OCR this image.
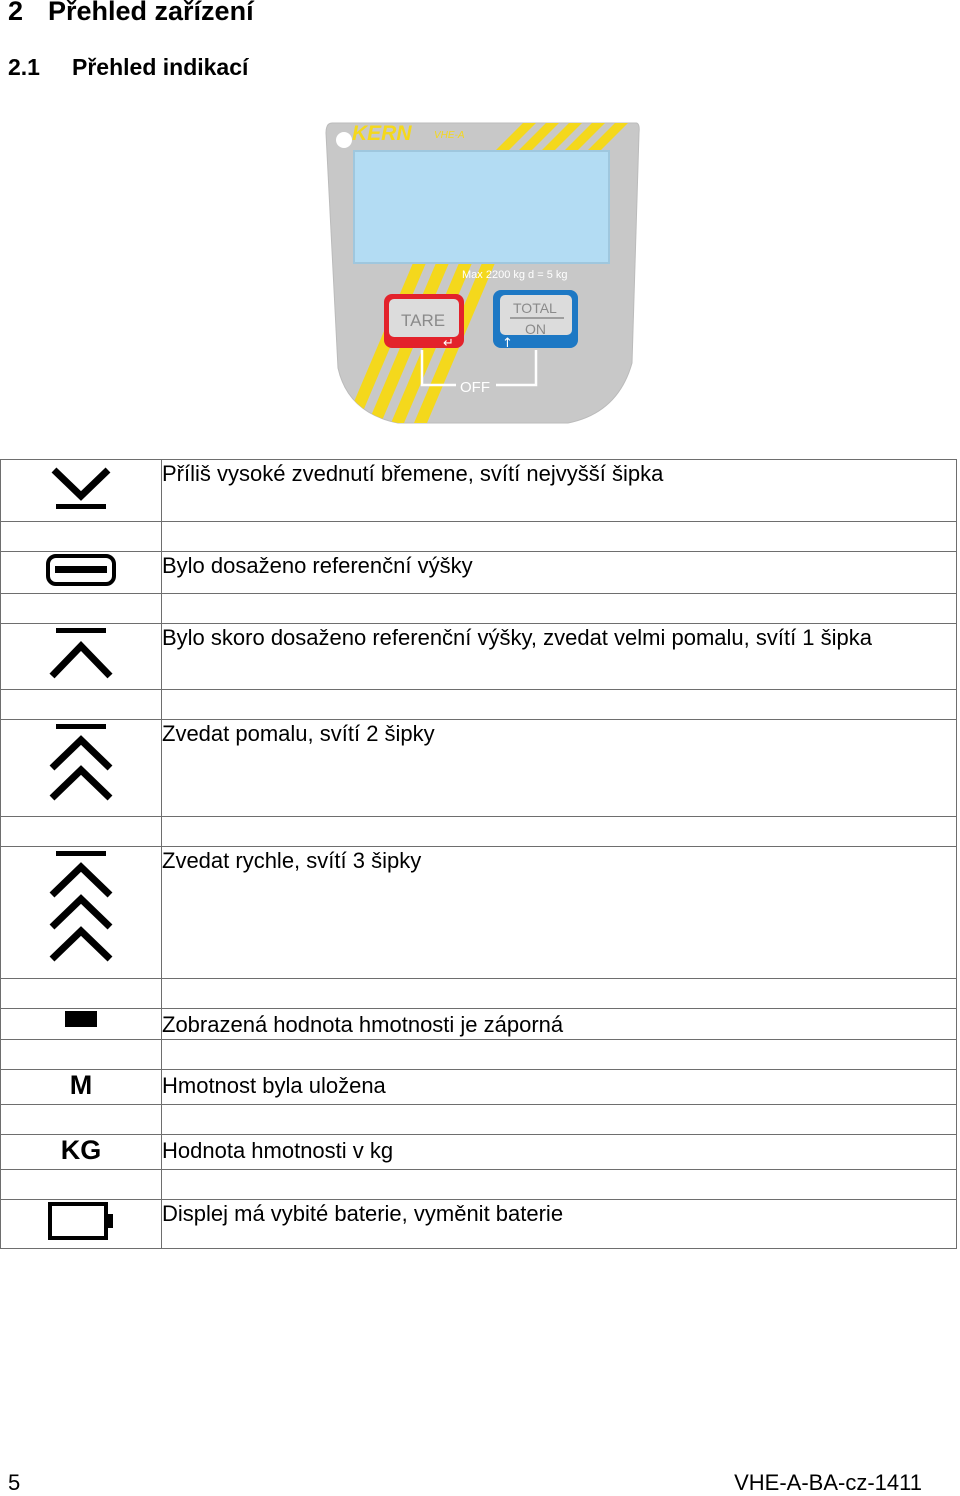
2 Přehled zařízení
2.1 Přehled indikací
KERN VHE-A
Max 2200 kg d = 5 kg
TARE
↵
TOTAL
ON
↑
OFF
	Příliš vysoké zvednutí břemene, svítí nejvyšší šipka

	Bylo dosaženo referenční výšky

	Bylo skoro dosaženo referenční výšky, zvedat velmi pomalu, svítí 1 šipka

	Zvedat pomalu, svítí 2 šipky

	Zvedat rychle, svítí 3 šipky

	Zobrazená hodnota hmotnosti je záporná

M	Hmotnost byla uložena

KG	Hodnota hmotnosti v kg

	Displej má vybité baterie, vyměnit baterie
5	VHE-A-BA-cz-1411
